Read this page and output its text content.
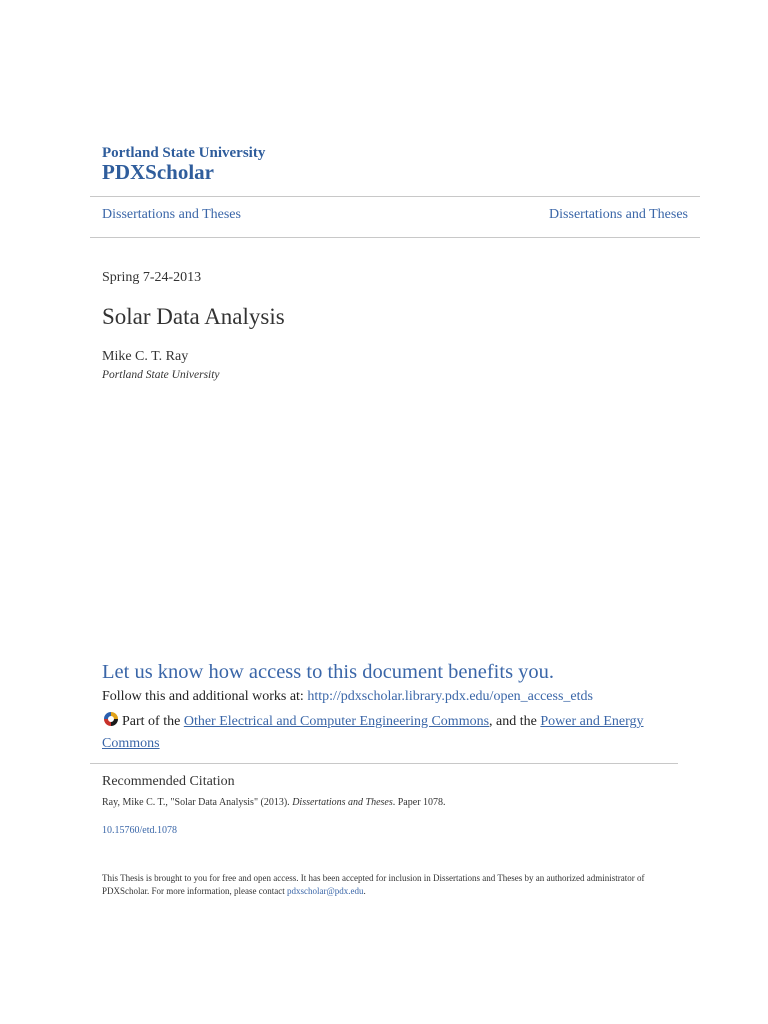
Portland State University
PDXScholar
Dissertations and Theses	Dissertations and Theses
Spring 7-24-2013
Solar Data Analysis
Mike C. T. Ray
Portland State University
Let us know how access to this document benefits you.
Follow this and additional works at: http://pdxscholar.library.pdx.edu/open_access_etds
Part of the Other Electrical and Computer Engineering Commons, and the Power and Energy Commons
Recommended Citation
Ray, Mike C. T., "Solar Data Analysis" (2013). Dissertations and Theses. Paper 1078.
10.15760/etd.1078
This Thesis is brought to you for free and open access. It has been accepted for inclusion in Dissertations and Theses by an authorized administrator of PDXScholar. For more information, please contact pdxscholar@pdx.edu.
